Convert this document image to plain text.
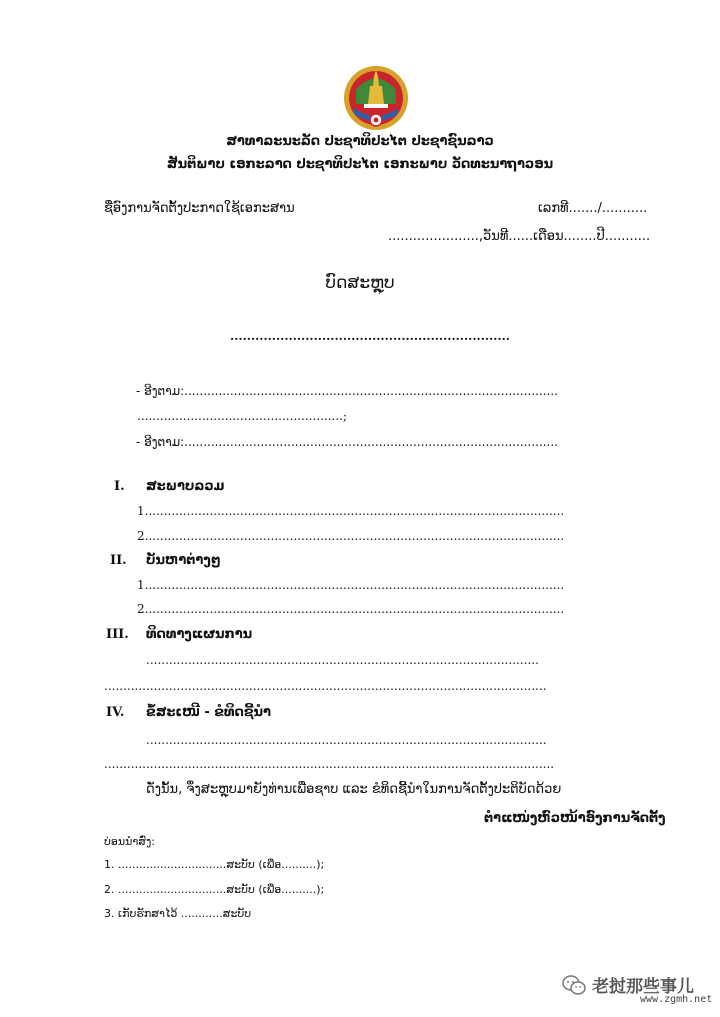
ສາທາລະນະລັດ ປະຊາທິປະໄຕ ປະຊາຊົນລາວ
ສັນຕິພາບ ເອກະລາດ ປະຊາທິປະໄຕ ເອກະພາບ ວັດທະນາຖາວອນ
ຊື່ອົງການຈັດຕັ້ງປະກາດໃຊ້ເອກະສານ	ເລກທີ......./...........
......................,ວັນທີ......ເດືອນ........ປີ...........
ບົດສະຫຼຸບ
...................................................................
- ອີງຕາມ:..................................................................................................
......................................................;
- ອີງຕາມ:..................................................................................................
I. ສະພາບລວມ
1..............................................................................................................
2..............................................................................................................
II. ບັນຫາຕ່າງໆ
1..............................................................................................................
2..............................................................................................................
III. ທິດທາງແຜນການ
.......................................................................................................
....................................................................................................................
IV. ຂໍ້ສະເໜີ - ຂໍທິດຊີ້ນຳ
.........................................................................................................
......................................................................................................................
ດັ່ງນັ້ນ, ຈຶ່ງສະຫຼຸບມາຍັງທ່ານເພື່ອຊາບ ແລະ ຂໍທິດຊີ້ນຳໃນການຈັດຕັ້ງປະຕິບັດດ້ວຍ
ຕຳແໜ່ງຫົວໜ້າອົງການຈັດຕັ້ງ
ບ່ອນນຳສົ່ງ:
1. ...............................ສະບັບ (ເພື່ອ..........);
2. ...............................ສະບັບ (ເພື່ອ..........);
3. ເກັບຮັກສາໄວ້ ............ສະບັບ
老挝那些事儿
www.zgmh.net
